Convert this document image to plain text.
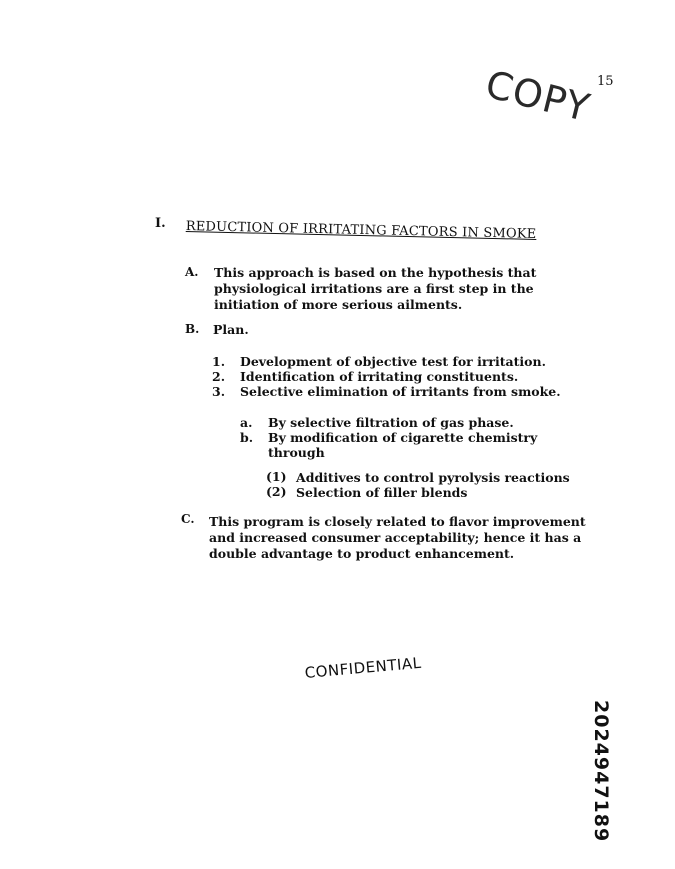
15
COPY
I. REDUCTION OF IRRITATING FACTORS IN SMOKE
A. This approach is based on the hypothesis that
physiological irritations are a first step in the
initiation of more serious ailments.
B. Plan.
1. Development of objective test for irritation.
2. Identification of irritating constituents.
3. Selective elimination of irritants from smoke.
a. By selective filtration of gas phase.
b. By modification of cigarette chemistry
through
(1) Additives to control pyrolysis reactions
(2) Selection of filler blends
C. This program is closely related to flavor improvement
and increased consumer acceptability; hence it has a
double advantage to product enhancement.
CONFIDENTIAL
2024947189
